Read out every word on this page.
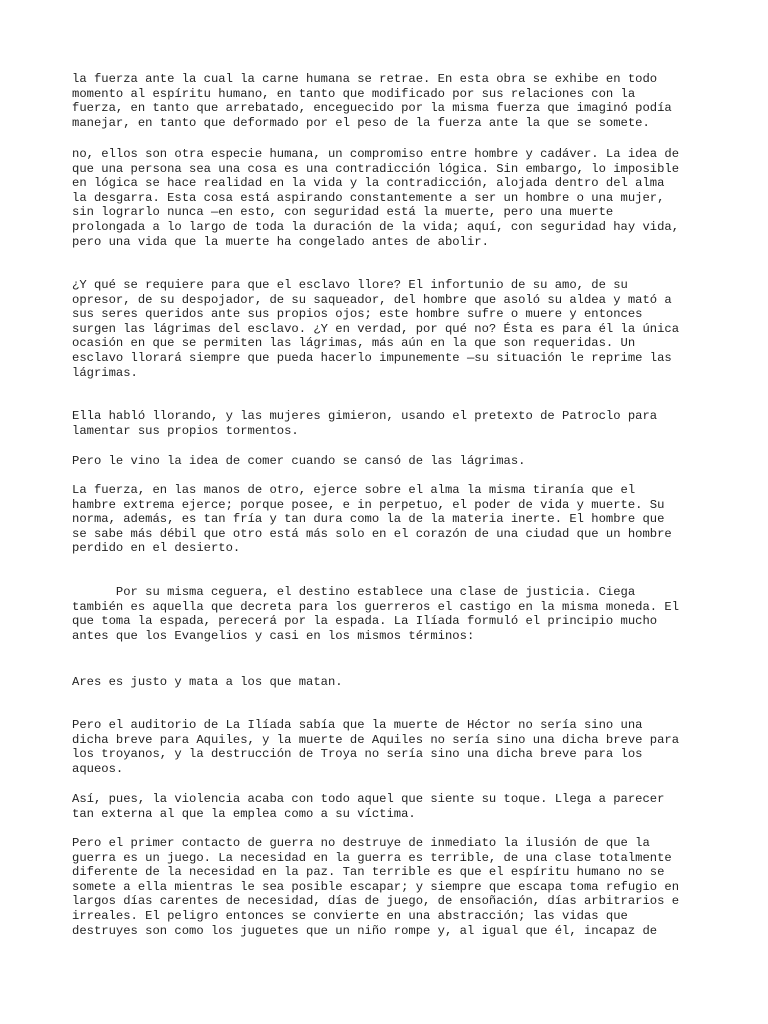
la fuerza ante la cual la carne humana se retrae. En esta obra se exhibe en todo
momento al espíritu humano, en tanto que modificado por sus relaciones con la
fuerza, en tanto que arrebatado, enceguecido por la misma fuerza que imaginó podía
manejar, en tanto que deformado por el peso de la fuerza ante la que se somete.
no, ellos son otra especie humana, un compromiso entre hombre y cadáver. La idea de
que una persona sea una cosa es una contradicción lógica. Sin embargo, lo imposible
en lógica se hace realidad en la vida y la contradicción, alojada dentro del alma
la desgarra. Esta cosa está aspirando constantemente a ser un hombre o una mujer,
sin lograrlo nunca —en esto, con seguridad está la muerte, pero una muerte
prolongada a lo largo de toda la duración de la vida; aquí, con seguridad hay vida,
pero una vida que la muerte ha congelado antes de abolir.
¿Y qué se requiere para que el esclavo llore? El infortunio de su amo, de su
opresor, de su despojador, de su saqueador, del hombre que asoló su aldea y mató a
sus seres queridos ante sus propios ojos; este hombre sufre o muere y entonces
surgen las lágrimas del esclavo. ¿Y en verdad, por qué no? Ésta es para él la única
ocasión en que se permiten las lágrimas, más aún en la que son requeridas. Un
esclavo llorará siempre que pueda hacerlo impunemente —su situación le reprime las
lágrimas.
Ella habló llorando, y las mujeres gimieron, usando el pretexto de Patroclo para
lamentar sus propios tormentos.
Pero le vino la idea de comer cuando se cansó de las lágrimas.
La fuerza, en las manos de otro, ejerce sobre el alma la misma tiranía que el
hambre extrema ejerce; porque posee, e in perpetuo, el poder de vida y muerte. Su
norma, además, es tan fría y tan dura como la de la materia inerte. El hombre que
se sabe más débil que otro está más solo en el corazón de una ciudad que un hombre
perdido en el desierto.
Por su misma ceguera, el destino establece una clase de justicia. Ciega
también es aquella que decreta para los guerreros el castigo en la misma moneda. El
que toma la espada, perecerá por la espada. La Ilíada formuló el principio mucho
antes que los Evangelios y casi en los mismos términos:
Ares es justo y mata a los que matan.
Pero el auditorio de La Ilíada sabía que la muerte de Héctor no sería sino una
dicha breve para Aquiles, y la muerte de Aquiles no sería sino una dicha breve para
los troyanos, y la destrucción de Troya no sería sino una dicha breve para los
aqueos.
Así, pues, la violencia acaba con todo aquel que siente su toque. Llega a parecer
tan externa al que la emplea como a su víctima.
Pero el primer contacto de guerra no destruye de inmediato la ilusión de que la
guerra es un juego. La necesidad en la guerra es terrible, de una clase totalmente
diferente de la necesidad en la paz. Tan terrible es que el espíritu humano no se
somete a ella mientras le sea posible escapar; y siempre que escapa toma refugio en
largos días carentes de necesidad, días de juego, de ensoñación, días arbitrarios e
irreales. El peligro entonces se convierte en una abstracción; las vidas que
destruyes son como los juguetes que un niño rompe y, al igual que él, incapaz de
